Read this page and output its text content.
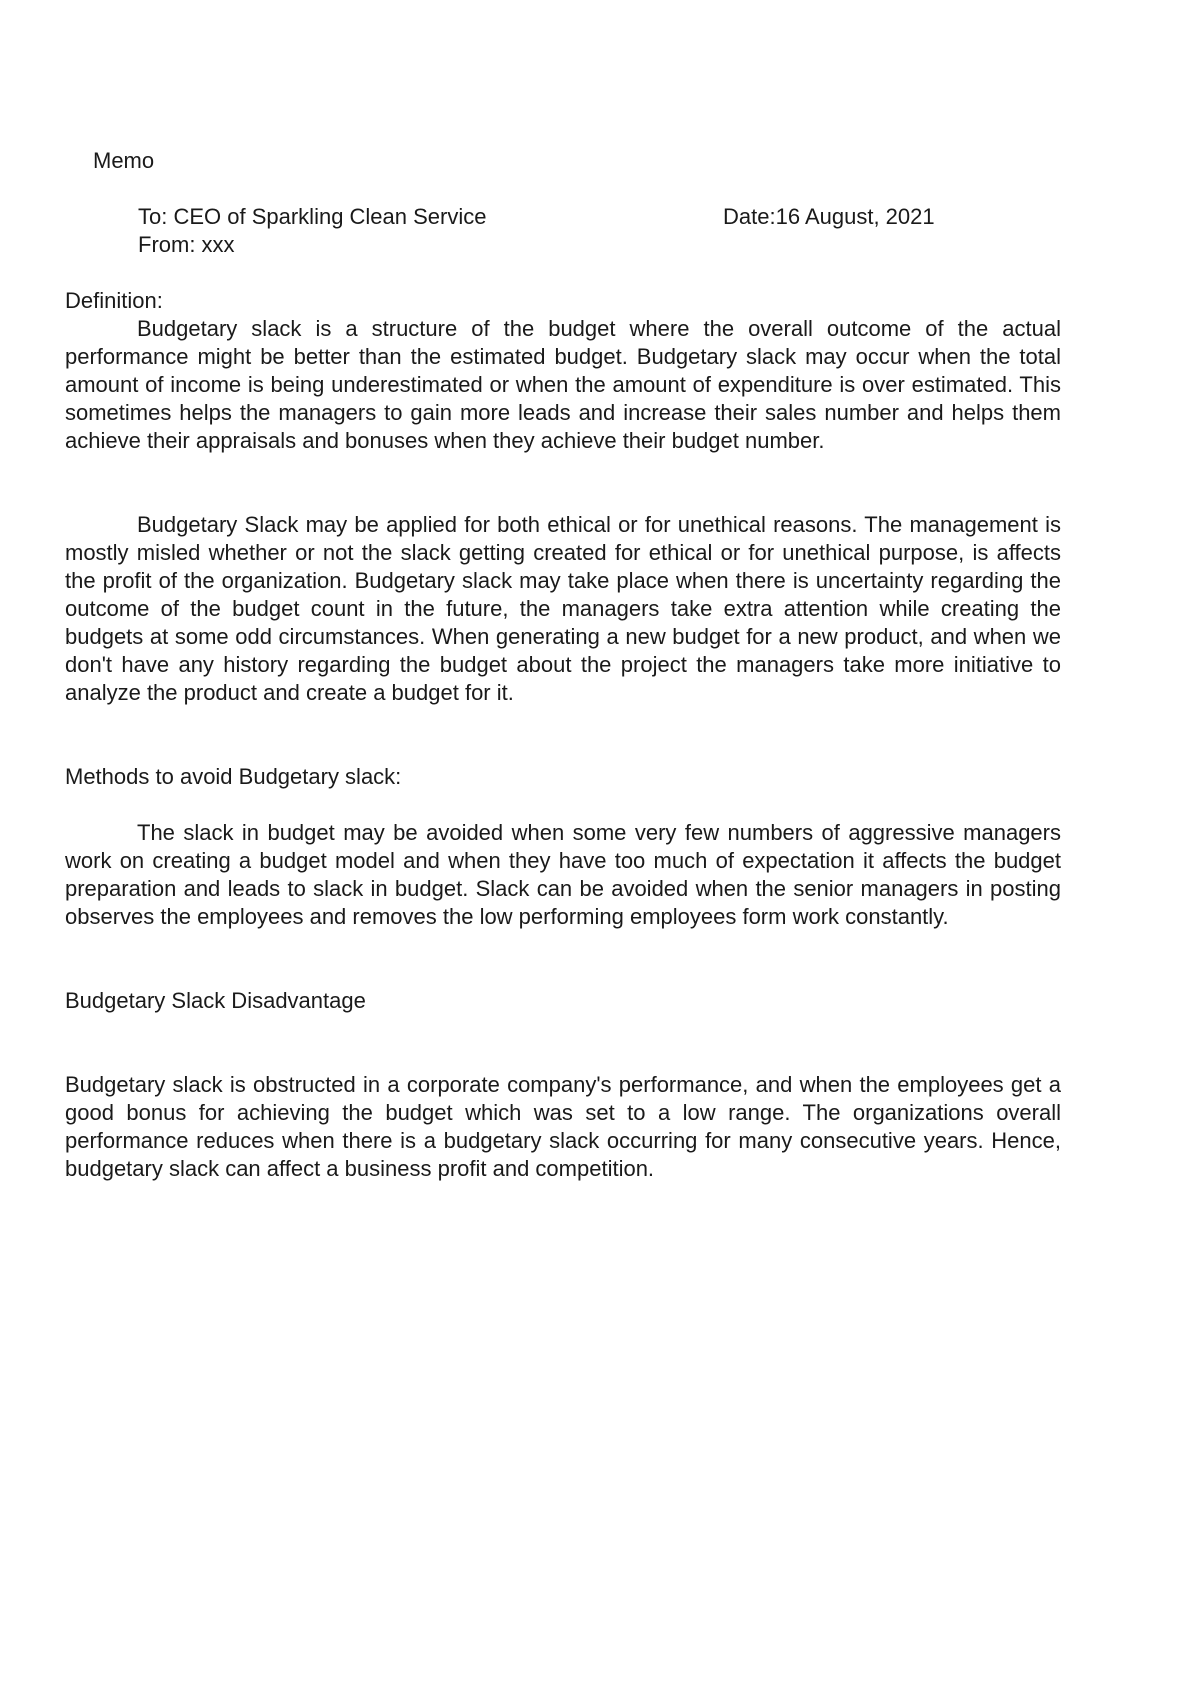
Memo
To: CEO of Sparkling Clean Service	Date:16 August, 2021
From: xxx

Definition:

Budgetary slack is a structure of the budget where the overall outcome of the actual performance might be better than the estimated budget. Budgetary slack may occur when the total amount of income is being underestimated or when the amount of expenditure is over estimated. This sometimes helps the managers to gain more leads and increase their sales number and helps them achieve their appraisals and bonuses when they achieve their budget number.

Budgetary Slack may be applied for both ethical or for unethical reasons. The management is mostly misled whether or not the slack getting created for ethical or for unethical purpose, is affects the profit of the organization. Budgetary slack may take place when there is uncertainty regarding the outcome of the budget count in the future, the managers take extra attention while creating the budgets at some odd circumstances. When generating a new budget for a new product, and when we don't have any history regarding the budget about the project the managers take more initiative to analyze the product and create a budget for it.

Methods to avoid Budgetary slack:

The slack in budget may be avoided when some very few numbers of aggressive managers work on creating a budget model and when they have too much of expectation it affects the budget preparation and leads to slack in budget. Slack can be avoided when the senior managers in posting observes the employees and removes the low performing employees form work constantly.

Budgetary Slack Disadvantage

Budgetary slack is obstructed in a corporate company's performance, and when the employees get a good bonus for achieving the budget which was set to a low range. The organizations overall performance reduces when there is a budgetary slack occurring for many consecutive years. Hence, budgetary slack can affect a business profit and competition.
